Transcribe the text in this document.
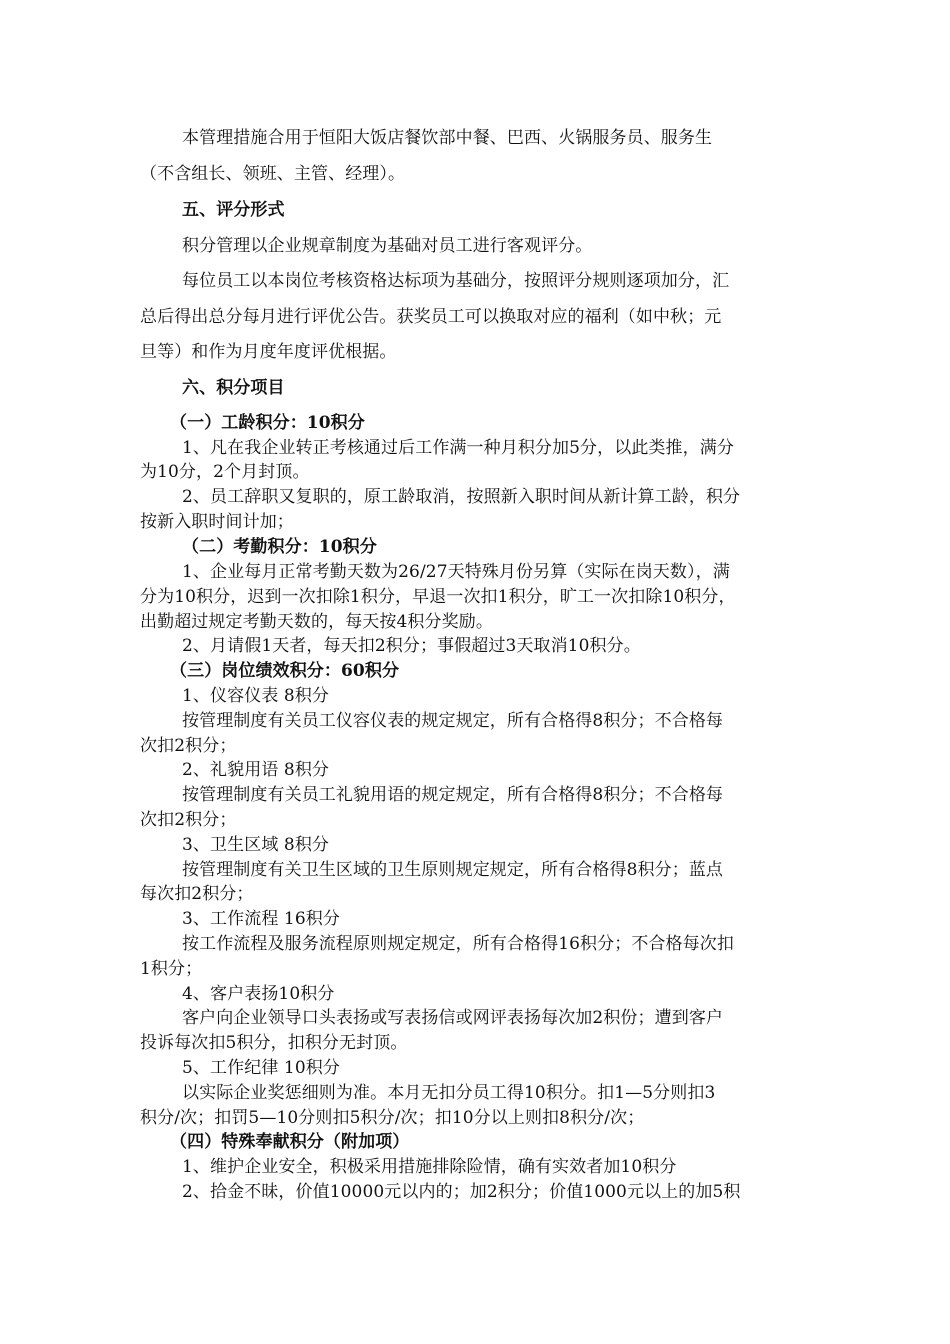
本管理措施合用于恒阳大饭店餐饮部中餐、巴西、火锅服务员、服务生
（不含组长、领班、主管、经理）。
五、评分形式
积分管理以企业规章制度为基础对员工进行客观评分。
每位员工以本岗位考核资格达标项为基础分，按照评分规则逐项加分，汇
总后得出总分每月进行评优公告。获奖员工可以换取对应的福利（如中秋；元
旦等）和作为月度年度评优根据。
六、积分项目
（一）工龄积分：10积分
1、凡在我企业转正考核通过后工作满一种月积分加5分，以此类推，满分
为10分，2个月封顶。
2、员工辞职又复职的，原工龄取消，按照新入职时间从新计算工龄，积分
按新入职时间计加；
（二）考勤积分：10积分
1、企业每月正常考勤天数为26/27天特殊月份另算（实际在岗天数），满
分为10积分，迟到一次扣除1积分，早退一次扣1积分，旷工一次扣除10积分，
出勤超过规定考勤天数的，每天按4积分奖励。
2、月请假1天者，每天扣2积分；事假超过3天取消10积分。
（三）岗位绩效积分：60积分
1、仪容仪表 8积分
按管理制度有关员工仪容仪表的规定规定，所有合格得8积分；不合格每
次扣2积分；
2、礼貌用语 8积分
按管理制度有关员工礼貌用语的规定规定，所有合格得8积分；不合格每
次扣2积分；
3、卫生区域 8积分
按管理制度有关卫生区域的卫生原则规定规定，所有合格得8积分；蓝点
每次扣2积分；
3、工作流程 16积分
按工作流程及服务流程原则规定规定，所有合格得16积分；不合格每次扣
1积分；
4、客户表扬10积分
客户向企业领导口头表扬或写表扬信或网评表扬每次加2积份；遭到客户
投诉每次扣5积分，扣积分无封顶。
5、工作纪律 10积分
以实际企业奖惩细则为准。本月无扣分员工得10积分。扣1—5分则扣3
积分/次；扣罚5—10分则扣5积分/次；扣10分以上则扣8积分/次；
（四）特殊奉献积分（附加项）
1、维护企业安全，积极采用措施排除险情，确有实效者加10积分
2、拾金不昧，价值10000元以内的；加2积分；价值1000元以上的加5积
